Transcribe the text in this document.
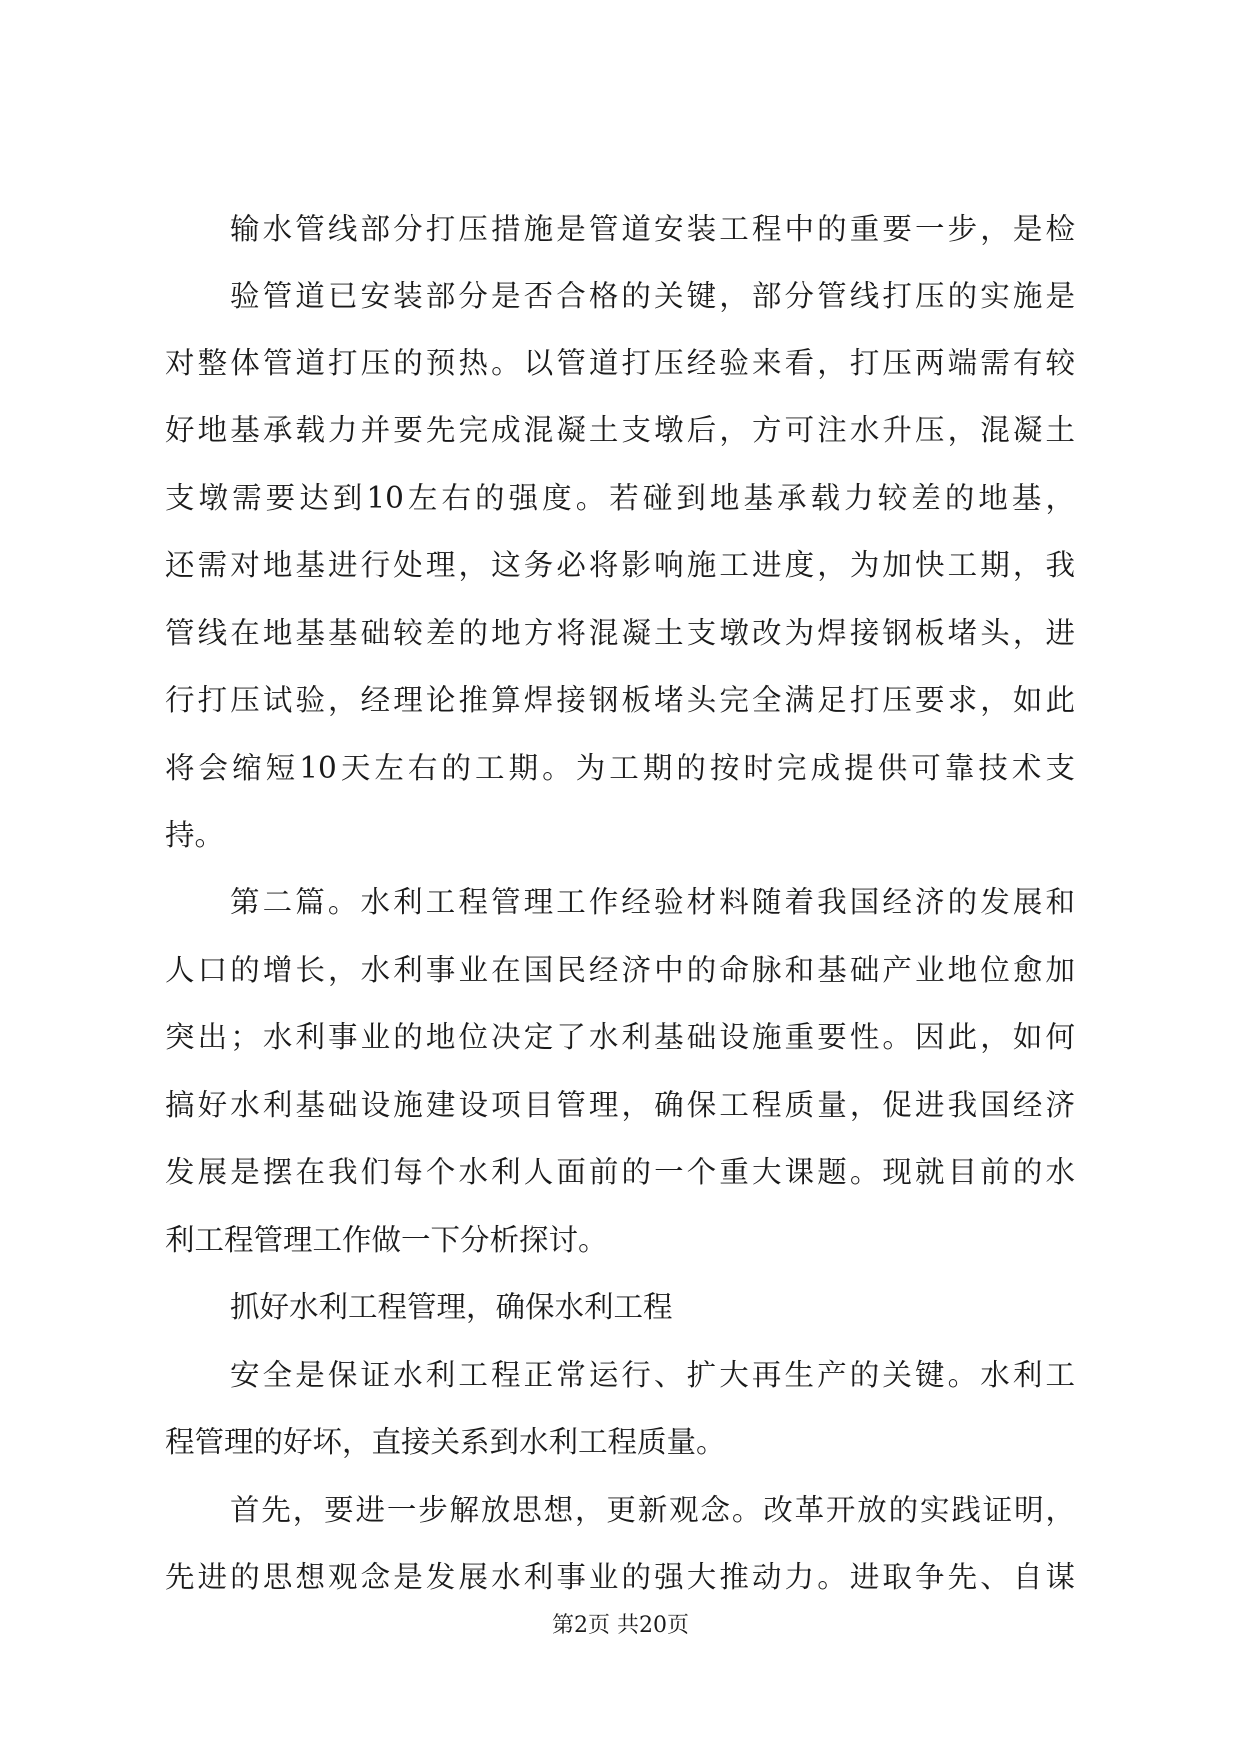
输水管线部分打压措施是管道安装工程中的重要一步，是检
验管道已安装部分是否合格的关键，部分管线打压的实施是
对整体管道打压的预热。以管道打压经验来看，打压两端需有较
好地基承载力并要先完成混凝土支墩后，方可注水升压，混凝土
支墩需要达到10左右的强度。若碰到地基承载力较差的地基，
还需对地基进行处理，这务必将影响施工进度，为加快工期，我
管线在地基基础较差的地方将混凝土支墩改为焊接钢板堵头，进
行打压试验，经理论推算焊接钢板堵头完全满足打压要求，如此
将会缩短10天左右的工期。为工期的按时完成提供可靠技术支
持。
第二篇。水利工程管理工作经验材料随着我国经济的发展和
人口的增长，水利事业在国民经济中的命脉和基础产业地位愈加
突出；水利事业的地位决定了水利基础设施重要性。因此，如何
搞好水利基础设施建设项目管理，确保工程质量，促进我国经济
发展是摆在我们每个水利人面前的一个重大课题。现就目前的水
利工程管理工作做一下分析探讨。
抓好水利工程管理，确保水利工程
安全是保证水利工程正常运行、扩大再生产的关键。水利工
程管理的好坏，直接关系到水利工程质量。
首先，要进一步解放思想，更新观念。改革开放的实践证明，
先进的思想观念是发展水利事业的强大推动力。进取争先、自谋
第2页 共20页
